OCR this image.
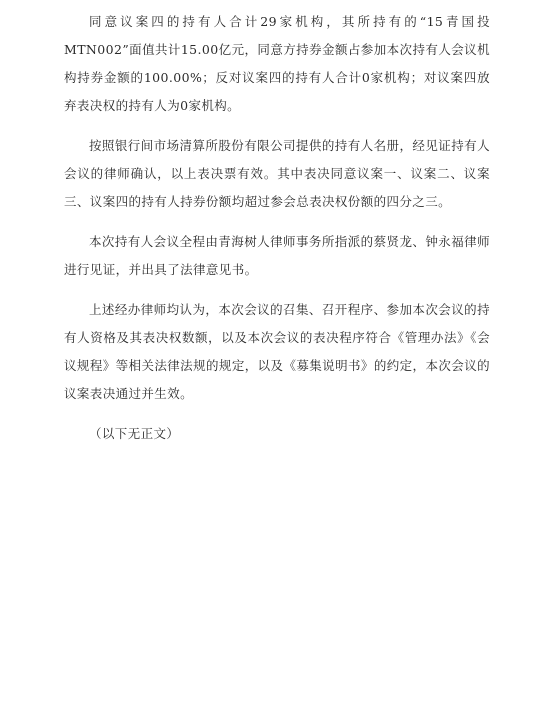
同意议案四的持有人合计29家机构，其所持有的“15青国投MTN002”面值共计15.00亿元，同意方持券金额占参加本次持有人会议机构持券金额的100.00%；反对议案四的持有人合计0家机构；对议案四放弃表决权的持有人为0家机构。

按照银行间市场清算所股份有限公司提供的持有人名册，经见证持有人会议的律师确认，以上表决票有效。其中表决同意议案一、议案二、议案三、议案四的持有人持券份额均超过参会总表决权份额的四分之三。

本次持有人会议全程由青海树人律师事务所指派的蔡贤龙、钟永福律师进行见证，并出具了法律意见书。

上述经办律师均认为，本次会议的召集、召开程序、参加本次会议的持有人资格及其表决权数额，以及本次会议的表决程序符合《管理办法》《会议规程》等相关法律法规的规定，以及《募集说明书》的约定，本次会议的议案表决通过并生效。

（以下无正文）
